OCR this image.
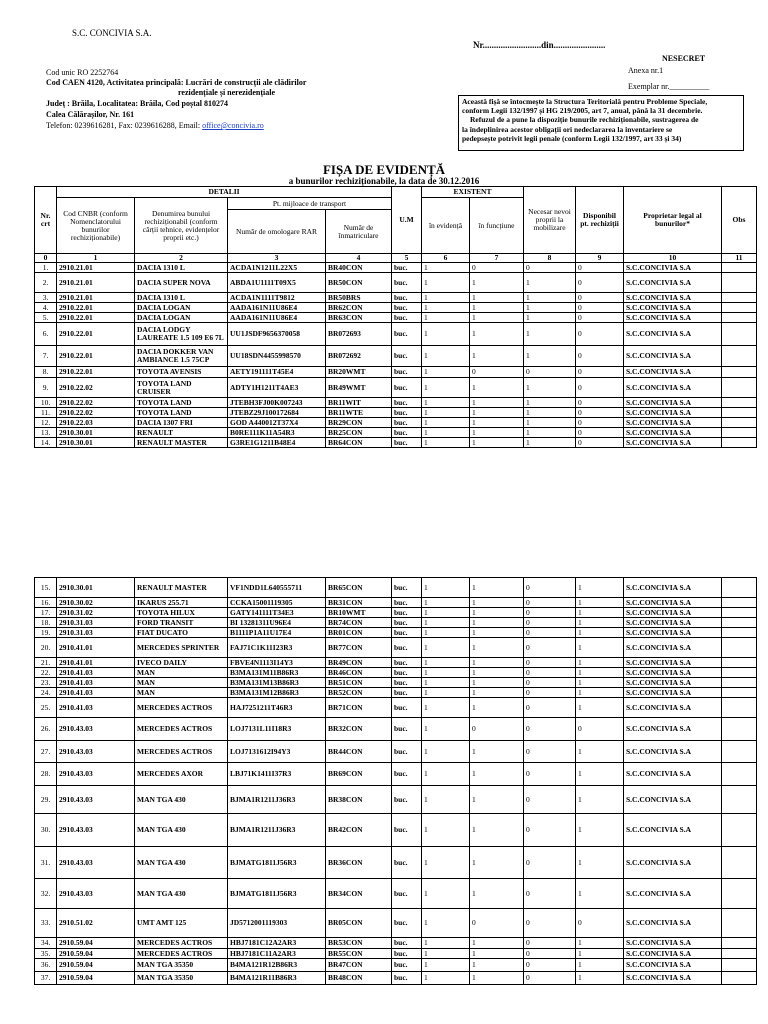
S.C. CONCIVIA S.A.
Nr..........................din.......................
NESECRET
Anexa nr.1
Exemplar nr.__________
Cod unic RO 2252764
Cod CAEN 4120, Activitatea principală: Lucrări de construcții ale clădirilor
rezidențiale și nerezidențiale
Județ : Brăila, Localitatea: Brăila, Cod poștal 810274
Calea Călărașilor, Nr. 161
Telefon: 0239616281, Fax: 0239616288, Email: office@concivia.ro
Această fișă se întocmește la Structura Teritorială pentru Probleme Speciale,
conform Legii 132/1997 și HG 219/2005, art 7, anual, până la 31 decembrie.
Refuzul de a pune la dispoziție bunurile rechiziționabile, sustragerea de
la îndeplinirea acestor obligații ori nedeclararea la inventariere se
pedepsește potrivit legii penale (conform Legii 132/1997, art 33 și 34)
FIȘA DE EVIDENȚĂ
a bunurilor rechiziționabile, la data de 30.12.2016
Nr. crt	DETALII				U.M	EXISTENT		Necesar nevoi proprii la mobilizare	Disponibil pt. rechiziții	Proprietar legal al bunurilor*	Obs
	Cod CNBR (conform Nomenclatorului bunurilor rechiziționabile)	Denumirea bunului rechiziționabil (conform cărții tehnice, evidențelor proprii etc.)	Pt. mijloace de transport			în evidență	în funcțiune				
			Număr de omologare RAR	Număr de înmatriculare							
0	1	2	3	4	5	6	7	8	9	10	11
1.	2910.21.01	DACIA 1310 L	ACDA1N1211L22X5	BR40CON	buc.	1	0	0	0	S.C.CONCIVIA S.A	
2.	2910.21.01	DACIA SUPER NOVA	ABDA1U1111T09X5	BR50CON	buc.	1	1	1	0	S.C.CONCIVIA S.A	
3.	2910.21.01	DACIA 1310 L	ACDA1N1111T9812	BR50BRS	buc.	1	1	1	0	S.C.CONCIVIA S.A	
4.	2910.22.01	DACIA LOGAN	AADA161N11U86E4	BR62CON	buc.	1	1	1	0	S.C.CONCIVIA S.A	
5.	2910.22.01	DACIA LOGAN	AADA161N11U86E4	BR63CON	buc.	1	1	1	0	S.C.CONCIVIA S.A	
6.	2910.22.01	DACIA LODGY LAUREATE 1.5 109 E6 7L	UU1JSDF9656370058	BR072693	buc.	1	1	1	0	S.C.CONCIVIA S.A	
7.	2910.22.01	DACIA DOKKER VAN AMBIANCE 1.5 75CP	UU18SDN4455998570	BR072692	buc.	1	1	1	0	S.C.CONCIVIA S.A	
8.	2910.22.01	TOYOTA AVENSIS	AETY191111T45E4	BR20WMT	buc.	1	0	0	0	S.C.CONCIVIA S.A	
9.	2910.22.02	TOYOTA LAND CRUISER	ADTY1H1211T4AE3	BR49WMT	buc.	1	1	1	0	S.C.CONCIVIA S.A	
10.	2910.22.02	TOYOTA LAND	JTEBH3FJ00K007243	BR11WIT	buc.	1	1	1	0	S.C.CONCIVIA S.A	
11.	2910.22.02	TOYOTA LAND	JTEBZ29J100172684	BR11WTE	buc.	1	1	1	0	S.C.CONCIVIA S.A	
12.	2910.22.03	DACIA 1307 FRI	GOD A440012T37X4	BR29CON	buc.	1	1	1	0	S.C.CONCIVIA S.A	
13.	2910.30.01	RENAULT	B0RE111K11A54R3	BR25CON	buc.	1	1	1	0	S.C.CONCIVIA S.A	
14.	2910.30.01	RENAULT MASTER	G3RE1G1211B48E4	BR64CON	buc.	1	1	1	0	S.C.CONCIVIA S.A	
15.	2910.30.01	RENAULT MASTER	VF1NDD1L640555711	BR65CON	buc.	1	1	0	1	S.C.CONCIVIA S.A	
16.	2910.30.02	IKARUS 255.71	CCKA15001119305	BR31CON	buc.	1	1	0	1	S.C.CONCIVIA S.A	
17.	2910.31.02	TOYOTA HILUX	GATY141111T34E3	BR10WMT	buc.	1	1	0	1	S.C.CONCIVIA S.A	
18.	2910.31.03	FORD TRANSIT	BI 13281311U96E4	BR74CON	buc.	1	1	0	1	S.C.CONCIVIA S.A	
19.	2910.31.03	FIAT DUCATO	B1111P1A11U17E4	BR01CON	buc.	1	1	0	1	S.C.CONCIVIA S.A	
20.	2910.41.01	MERCEDES SPRINTER	FAJ71C1K11I23R3	BR77CON	buc.	1	1	0	1	S.C.CONCIVIA S.A	
21.	2910.41.01	IVECO DAILY	FBVE4N1113I14Y3	BR49CON	buc.	1	1	0	1	S.C.CONCIVIA S.A	
22.	2910.41.03	MAN	B3MA131M11B86R3	BR46CON	buc.	1	1	0	1	S.C.CONCIVIA S.A	
23.	2910.41.03	MAN	B3MA131M13B86R3	BR51CON	buc.	1	1	0	1	S.C.CONCIVIA S.A	
24.	2910.41.03	MAN	B3MA131M12B86R3	BR52CON	buc.	1	1	0	1	S.C.CONCIVIA S.A	
25.	2910.41.03	MERCEDES ACTROS	HAJ7251211T46R3	BR71CON	buc.	1	1	0	1	S.C.CONCIVIA S.A	
26.	2910.43.03	MERCEDES ACTROS	LOJ7131L11I18R3	BR32CON	buc.	1	0	0	0	S.C.CONCIVIA S.A	
27.	2910.43.03	MERCEDES ACTROS	LOJ7131612I94Y3	BR44CON	buc.	1	1	0	1	S.C.CONCIVIA S.A	
28.	2910.43.03	MERCEDES AXOR	LBJ71K1411I37R3	BR69CON	buc.	1	1	0	1	S.C.CONCIVIA S.A	
29.	2910.43.03	MAN TGA 430	BJMA1R1211J36R3	BR38CON	buc.	1	1	0	1	S.C.CONCIVIA S.A	
30.	2910.43.03	MAN TGA 430	BJMA1R1211J36R3	BR42CON	buc.	1	1	0	1	S.C.CONCIVIA S.A	
31.	2910.43.03	MAN TGA 430	BJMATG1811J56R3	BR36CON	buc.	1	1	0	1	S.C.CONCIVIA S.A	
32.	2910.43.03	MAN TGA 430	BJMATG1811J56R3	BR34CON	buc.	1	1	0	1	S.C.CONCIVIA S.A	
33.	2910.51.02	UMT AMT 125	JD5712001119303	BR05CON	buc.	1	0	0	0	S.C.CONCIVIA S.A	
34.	2910.59.04	MERCEDES ACTROS	HBJ7181C12A2AR3	BR53CON	buc.	1	1	0	1	S.C.CONCIVIA S.A	
35.	2910.59.04	MERCEDES ACTROS	HBJ7181C11A2AR3	BR55CON	buc.	1	1	0	1	S.C.CONCIVIA S.A	
36.	2910.59.04	MAN TGA 35350	B4MA121R12B86R3	BR47CON	buc.	1	1	0	1	S.C.CONCIVIA S.A	
37.	2910.59.04	MAN TGA 35350	B4MA121R11B86R3	BR48CON	buc.	1	1	0	1	S.C.CONCIVIA S.A	
